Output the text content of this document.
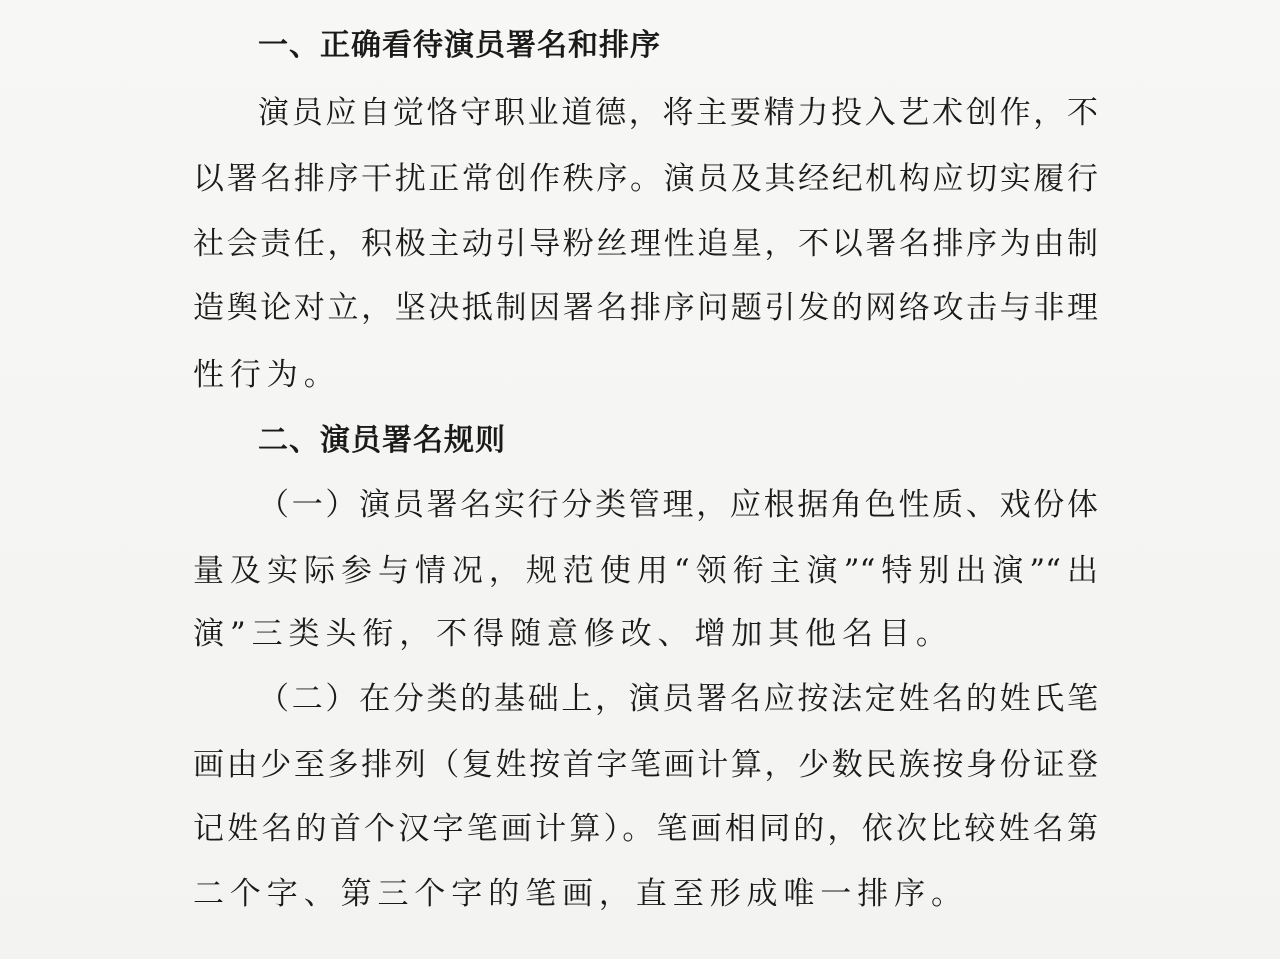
一、正确看待演员署名和排序
演员应自觉恪守职业道德，将主要精力投入艺术创作，不
以署名排序干扰正常创作秩序。演员及其经纪机构应切实履行
社会责任，积极主动引导粉丝理性追星，不以署名排序为由制
造舆论对立，坚决抵制因署名排序问题引发的网络攻击与非理
性行为。
二、演员署名规则
（一）演员署名实行分类管理，应根据角色性质、戏份体
量及实际参与情况，规范使用“领衔主演”“特别出演”“出
演”三类头衔，不得随意修改、增加其他名目。
（二）在分类的基础上，演员署名应按法定姓名的姓氏笔
画由少至多排列（复姓按首字笔画计算，少数民族按身份证登
记姓名的首个汉字笔画计算）。笔画相同的，依次比较姓名第
二个字、第三个字的笔画，直至形成唯一排序。
